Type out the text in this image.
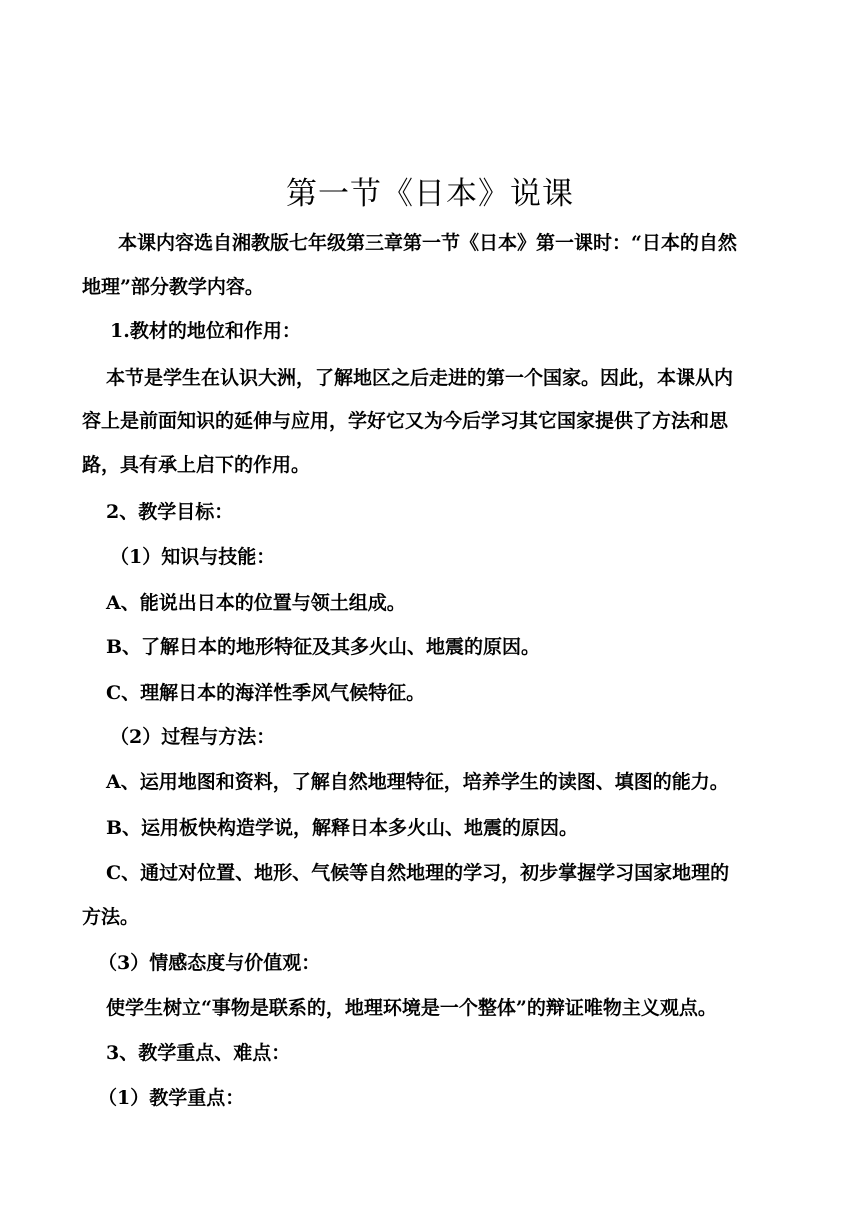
第一节《日本》说课

本课内容选自湘教版七年级第三章第一节《日本》第一课时：“日本的自然

地理”部分教学内容。

1.教材的地位和作用：

本节是学生在认识大洲，了解地区之后走进的第一个国家。因此，本课从内

容上是前面知识的延伸与应用，学好它又为今后学习其它国家提供了方法和思

路，具有承上启下的作用。

2、教学目标：

（1）知识与技能：

A、能说出日本的位置与领土组成。

B、了解日本的地形特征及其多火山、地震的原因。

C、理解日本的海洋性季风气候特征。

（2）过程与方法：

A、运用地图和资料，了解自然地理特征，培养学生的读图、填图的能力。

B、运用板快构造学说，解释日本多火山、地震的原因。

C、通过对位置、地形、气候等自然地理的学习，初步掌握学习国家地理的

方法。

（3）情感态度与价值观：

使学生树立“事物是联系的，地理环境是一个整体”的辩证唯物主义观点。

3、教学重点、难点：

（1）教学重点：
